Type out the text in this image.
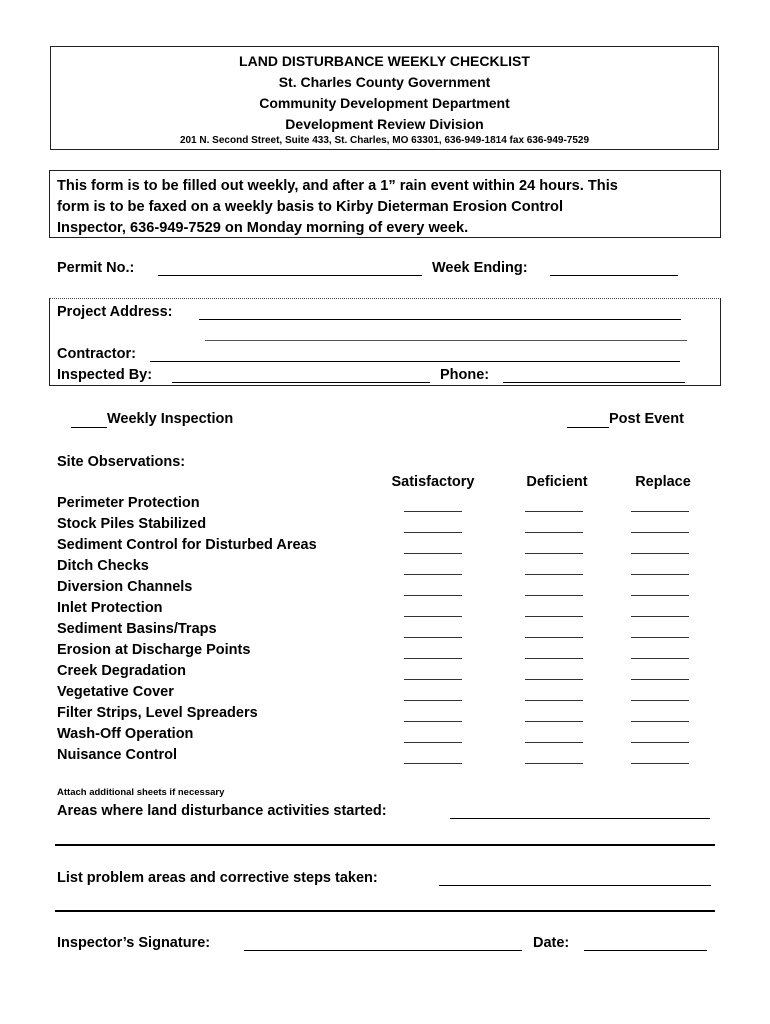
LAND DISTURBANCE WEEKLY CHECKLIST
St. Charles County Government
Community Development Department
Development Review Division
201 N. Second Street, Suite 433, St. Charles, MO 63301, 636-949-1814 fax 636-949-7529
This form is to be filled out weekly, and after a 1” rain event within 24 hours. This
form is to be faxed on a weekly basis to Kirby Dieterman Erosion Control
Inspector, 636-949-7529 on Monday morning of every week.
Permit No.:	Week Ending:
Project Address:
Contractor:
Inspected By:	Phone:
Weekly Inspection	Post Event
Site Observations:
Satisfactory	Deficient	Replace
Perimeter Protection
Stock Piles Stabilized
Sediment Control for Disturbed Areas
Ditch Checks
Diversion Channels
Inlet Protection
Sediment Basins/Traps
Erosion at Discharge Points
Creek Degradation
Vegetative Cover
Filter Strips, Level Spreaders
Wash-Off Operation
Nuisance Control
Attach additional sheets if necessary
Areas where land disturbance activities started:
List problem areas and corrective steps taken:
Inspector’s Signature:	Date:
